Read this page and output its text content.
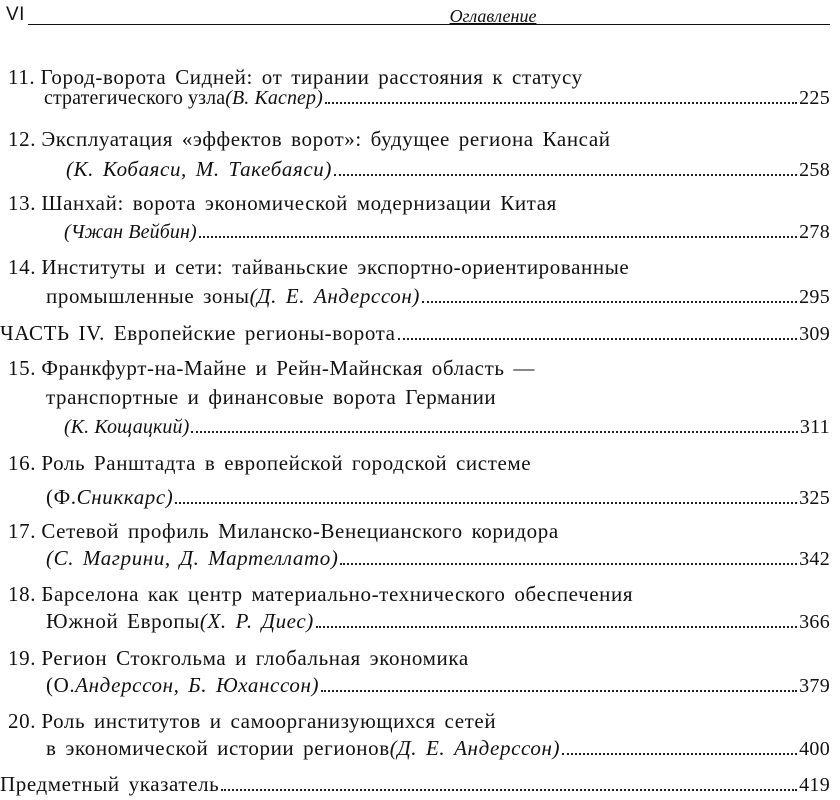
VI	Оглавление
11. Город-ворота Сидней: от тирании расстояния к статусу
стратегического узла (В. Каспер)	225
12. Эксплуатация «эффектов ворот»: будущее региона Кансай
(К. Кобаяси, М. Такебаяси)	258
13. Шанхай: ворота экономической модернизации Китая
(Чжан Вейбин)	278
14. Институты и сети: тайваньские экспортно-ориентированные
промышленные зоны (Д. Е. Андерссон)	295
ЧАСТЬ IV. Европейские регионы-ворота	309
15. Франкфурт-на-Майне и Рейн-Майнская область —
транспортные и финансовые ворота Германии
(К. Кощацкий)	311
16. Роль Ранштадта в европейской городской системе
(Ф. Сниккарс)	325
17. Сетевой профиль Миланско-Венецианского коридора
(С. Магрини, Д. Мартеллато)	342
18. Барселона как центр материально-технического обеспечения
Южной Европы (Х. Р. Диес)	366
19. Регион Стокгольма и глобальная экономика
(О. Андерссон, Б. Юханссон)	379
20. Роль институтов и самоорганизующихся сетей
в экономической истории регионов (Д. Е. Андерссон)	400
Предметный указатель	419
